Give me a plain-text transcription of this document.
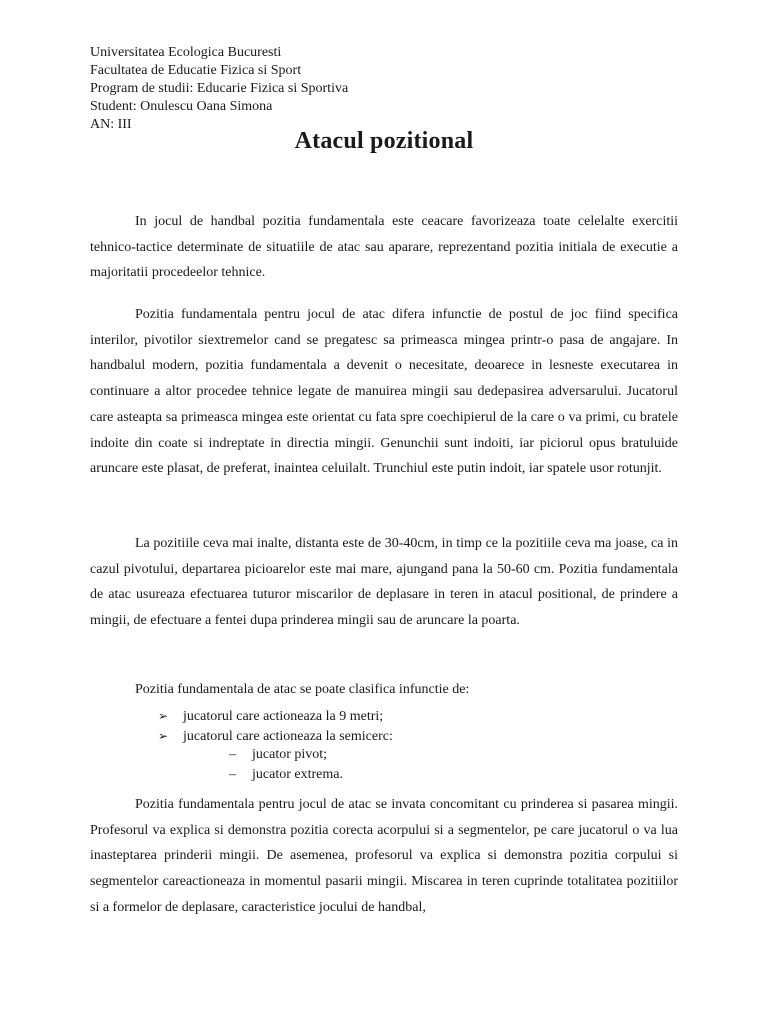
Universitatea Ecologica Bucuresti
Facultatea de Educatie Fizica si Sport
Program de studii: Educarie Fizica si Sportiva
Student: Onulescu Oana Simona
AN: III
Atacul pozitional

In jocul de handbal pozitia fundamentala este ceacare favorizeaza toate celelalte exercitii tehnico-tactice determinate de situatiile de atac sau aparare, reprezentand pozitia initiala de executie a majoritatii procedeelor tehnice.

Pozitia fundamentala pentru jocul de atac difera infunctie de postul de joc fiind specifica interilor, pivotilor siextremelor cand se pregatesc sa primeasca mingea printr-o pasa de angajare. In handbalul modern, pozitia fundamentala a devenit o necesitate, deoarece in lesneste executarea in continuare a altor procedee tehnice legate de manuirea mingii sau dedepasirea adversarului. Jucatorul care asteapta sa primeasca mingea este orientat cu fata spre coechipierul de la care o va primi, cu bratele indoite din coate si indreptate in directia mingii. Genunchii sunt indoiti, iar piciorul opus bratuluide aruncare este plasat, de preferat, inaintea celuilalt. Trunchiul este putin indoit, iar spatele usor rotunjit.

La pozitiile ceva mai inalte, distanta este de 30-40cm, in timp ce la pozitiile ceva ma joase, ca in cazul pivotului, departarea picioarelor este mai mare, ajungand pana la 50-60 cm. Pozitia fundamentala de atac usureaza efectuarea tuturor miscarilor de deplasare in teren in atacul positional, de prindere a mingii, de efectuare a fentei dupa prinderea mingii sau de aruncare la poarta.

Pozitia fundamentala de atac se poate clasifica infunctie de:

➢ jucatorul care actioneaza la 9 metri;
➢ jucatorul care actioneaza la semicerc:
– jucator pivot;
– jucator extrema.

Pozitia fundamentala pentru jocul de atac se invata concomitant cu prinderea si pasarea mingii. Profesorul va explica si demonstra pozitia corecta acorpului si a segmentelor, pe care jucatorul o va lua inasteptarea prinderii mingii. De asemenea, profesorul va explica si demonstra pozitia corpului si segmentelor careactioneaza in momentul pasarii mingii. Miscarea in teren cuprinde totalitatea pozitiilor si a formelor de deplasare, caracteristice jocului de handbal,
